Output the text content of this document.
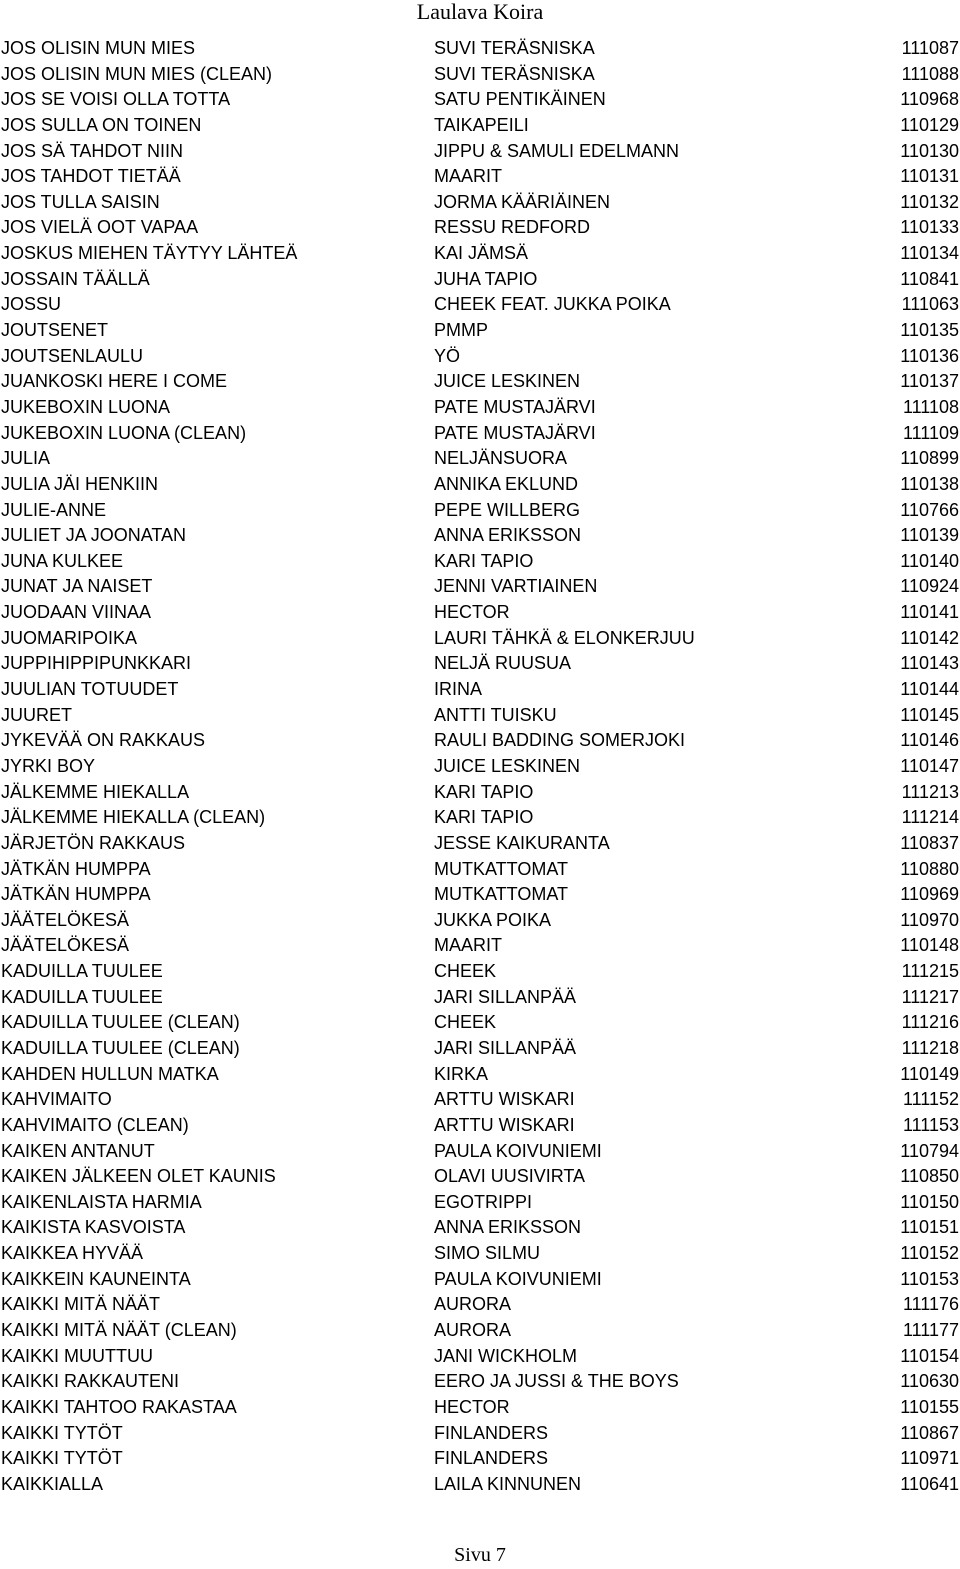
Laulava Koira
JOS OLISIN MUN MIES	SUVI TERÄSNISKA	111087
JOS OLISIN MUN MIES (CLEAN)	SUVI TERÄSNISKA	111088
JOS SE VOISI OLLA TOTTA	SATU PENTIKÄINEN	110968
JOS SULLA ON TOINEN	TAIKAPEILI	110129
JOS SÄ TAHDOT NIIN	JIPPU & SAMULI EDELMANN	110130
JOS TAHDOT TIETÄÄ	MAARIT	110131
JOS TULLA SAISIN	JORMA KÄÄRIÄINEN	110132
JOS VIELÄ OOT VAPAA	RESSU REDFORD	110133
JOSKUS MIEHEN TÄYTYY LÄHTEÄ	KAI JÄMSÄ	110134
JOSSAIN TÄÄLLÄ	JUHA TAPIO	110841
JOSSU	CHEEK FEAT. JUKKA POIKA	111063
JOUTSENET	PMMP	110135
JOUTSENLAULU	YÖ	110136
JUANKOSKI HERE I COME	JUICE LESKINEN	110137
JUKEBOXIN LUONA	PATE MUSTAJÄRVI	111108
JUKEBOXIN LUONA (CLEAN)	PATE MUSTAJÄRVI	111109
JULIA	NELJÄNSUORA	110899
JULIA JÄI HENKIIN	ANNIKA EKLUND	110138
JULIE-ANNE	PEPE WILLBERG	110766
JULIET JA JOONATAN	ANNA ERIKSSON	110139
JUNA KULKEE	KARI TAPIO	110140
JUNAT JA NAISET	JENNI VARTIAINEN	110924
JUODAAN VIINAA	HECTOR	110141
JUOMARIPOIKA	LAURI TÄHKÄ & ELONKERJUU	110142
JUPPIHIPPIPUNKKARI	NELJÄ RUUSUA	110143
JUULIAN TOTUUDET	IRINA	110144
JUURET	ANTTI TUISKU	110145
JYKEVÄÄ ON RAKKAUS	RAULI BADDING SOMERJOKI	110146
JYRKI BOY	JUICE LESKINEN	110147
JÄLKEMME HIEKALLA	KARI TAPIO	111213
JÄLKEMME HIEKALLA (CLEAN)	KARI TAPIO	111214
JÄRJETÖN RAKKAUS	JESSE KAIKURANTA	110837
JÄTKÄN HUMPPA	MUTKATTOMAT	110880
JÄTKÄN HUMPPA	MUTKATTOMAT	110969
JÄÄTELÖKESÄ	JUKKA POIKA	110970
JÄÄTELÖKESÄ	MAARIT	110148
KADUILLA TUULEE	CHEEK	111215
KADUILLA TUULEE	JARI SILLANPÄÄ	111217
KADUILLA TUULEE (CLEAN)	CHEEK	111216
KADUILLA TUULEE (CLEAN)	JARI SILLANPÄÄ	111218
KAHDEN HULLUN MATKA	KIRKA	110149
KAHVIMAITO	ARTTU WISKARI	111152
KAHVIMAITO (CLEAN)	ARTTU WISKARI	111153
KAIKEN ANTANUT	PAULA KOIVUNIEMI	110794
KAIKEN JÄLKEEN OLET KAUNIS	OLAVI UUSIVIRTA	110850
KAIKENLAISTA HARMIA	EGOTRIPPI	110150
KAIKISTA KASVOISTA	ANNA ERIKSSON	110151
KAIKKEA HYVÄÄ	SIMO SILMU	110152
KAIKKEIN KAUNEINTA	PAULA KOIVUNIEMI	110153
KAIKKI MITÄ NÄÄT	AURORA	111176
KAIKKI MITÄ NÄÄT (CLEAN)	AURORA	111177
KAIKKI MUUTTUU	JANI WICKHOLM	110154
KAIKKI RAKKAUTENI	EERO JA JUSSI & THE BOYS	110630
KAIKKI TAHTOO RAKASTAA	HECTOR	110155
KAIKKI TYTÖT	FINLANDERS	110867
KAIKKI TYTÖT	FINLANDERS	110971
KAIKKIALLA	LAILA KINNUNEN	110641
Sivu 7
